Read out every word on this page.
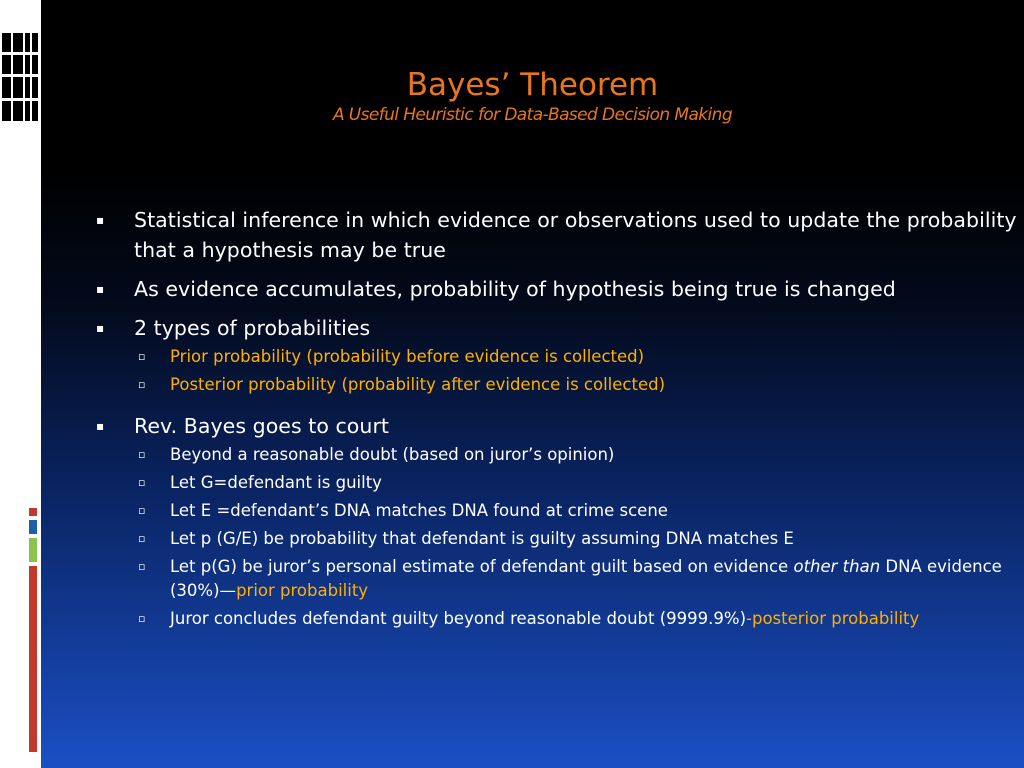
Bayes’ Theorem
A Useful Heuristic for Data-Based Decision Making
▪ Statistical inference in which evidence or observations used to update the probability that a hypothesis may be true
▪ As evidence accumulates, probability of hypothesis being true is changed
▪ 2 types of probabilities
▫ Prior probability (probability before evidence is collected)
▫ Posterior probability (probability after evidence is collected)
▪ Rev. Bayes goes to court
▫ Beyond a reasonable doubt (based on juror’s opinion)
▫ Let G=defendant is guilty
▫ Let E =defendant’s DNA matches DNA found at crime scene
▫ Let p (G/E) be probability that defendant is guilty assuming DNA matches E
▫ Let p(G) be juror’s personal estimate of defendant guilt based on evidence other than DNA evidence (30%)—prior probability
▫ Juror concludes defendant guilty beyond reasonable doubt (9999.9%)-posterior probability
